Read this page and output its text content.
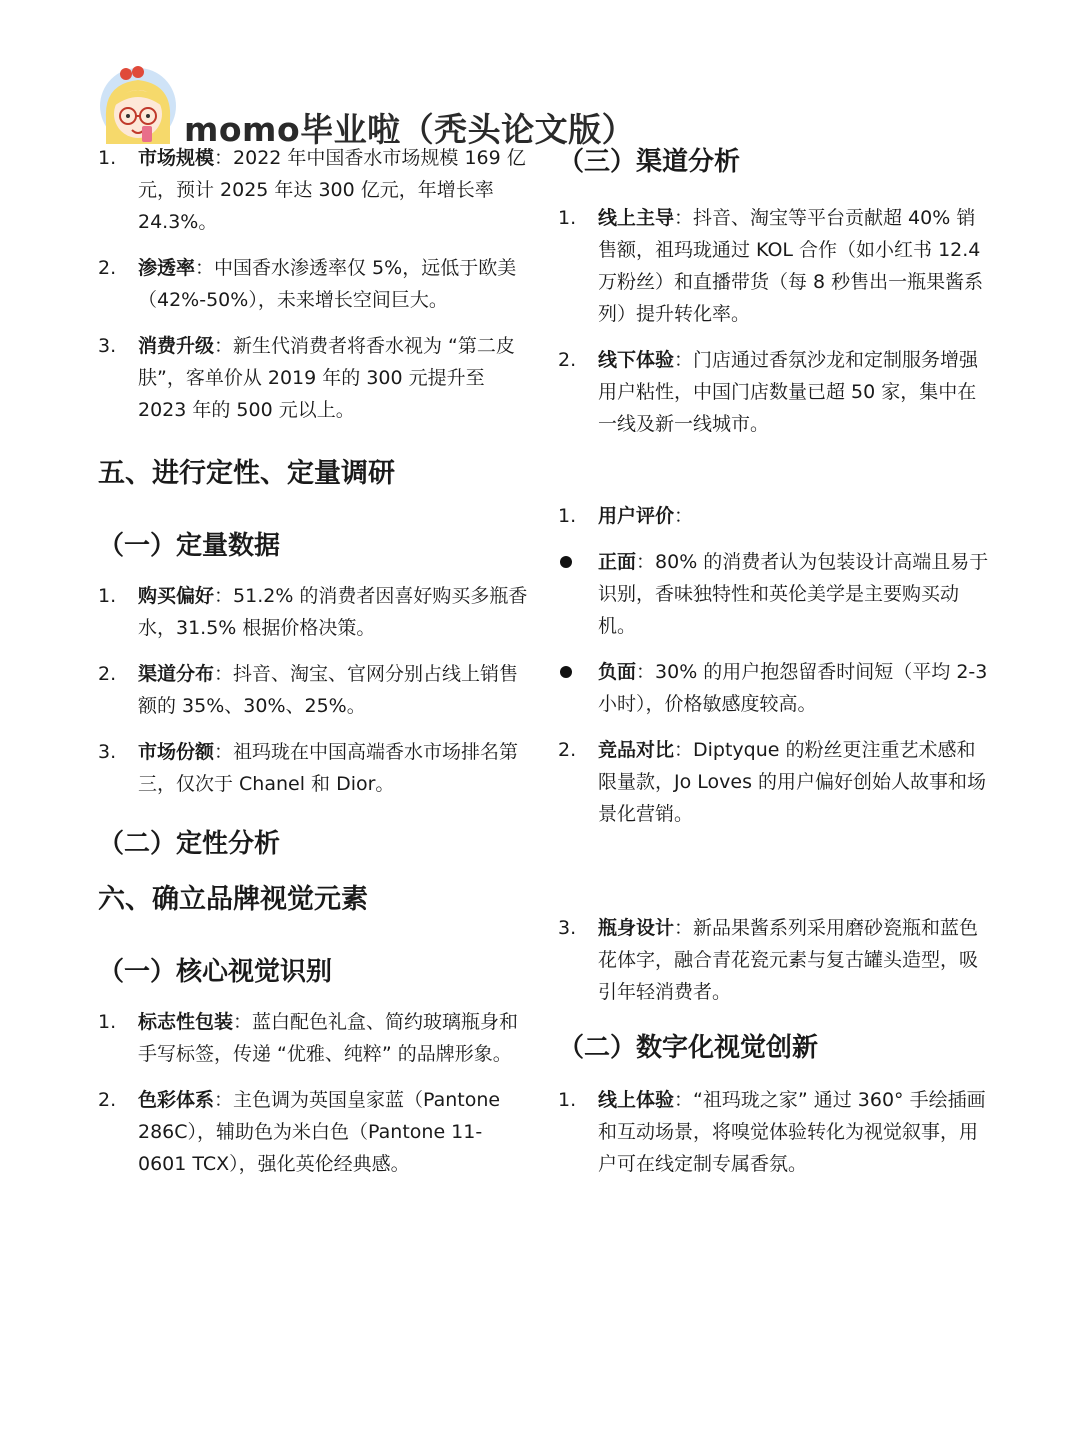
momo毕业啦（秃头论文版）
1. 市场规模：2022 年中国香水市场规模 169 亿元，预计 2025 年达 300 亿元，年增长率 24.3%。
2. 渗透率：中国香水渗透率仅 5%，远低于欧美（42%-50%），未来增长空间巨大。
3. 消费升级：新生代消费者将香水视为 “第二皮肤”，客单价从 2019 年的 300 元提升至 2023 年的 500 元以上。
五、进行定性、定量调研
（一）定量数据
1. 购买偏好：51.2% 的消费者因喜好购买多瓶香水，31.5% 根据价格决策。
2. 渠道分布：抖音、淘宝、官网分别占线上销售额的 35%、30%、25%。
3. 市场份额：祖玛珑在中国高端香水市场排名第三，仅次于 Chanel 和 Dior。
（二）定性分析
六、确立品牌视觉元素
（一）核心视觉识别
1. 标志性包装：蓝白配色礼盒、简约玻璃瓶身和手写标签，传递 “优雅、纯粹” 的品牌形象。
2. 色彩体系：主色调为英国皇家蓝（Pantone 286C），辅助色为米白色（Pantone 11-0601 TCX），强化英伦经典感。
（三）渠道分析
1. 线上主导：抖音、淘宝等平台贡献超 40% 销售额，祖玛珑通过 KOL 合作（如小红书 12.4 万粉丝）和直播带货（每 8 秒售出一瓶果酱系列）提升转化率。
2. 线下体验：门店通过香氛沙龙和定制服务增强用户粘性，中国门店数量已超 50 家，集中在一线及新一线城市。
1. 用户评价：
正面：80% 的消费者认为包装设计高端且易于识别，香味独特性和英伦美学是主要购买动机。
负面：30% 的用户抱怨留香时间短（平均 2-3 小时），价格敏感度较高。
2. 竞品对比：Diptyque 的粉丝更注重艺术感和限量款，Jo Loves 的用户偏好创始人故事和场景化营销。
3. 瓶身设计：新品果酱系列采用磨砂瓷瓶和蓝色花体字，融合青花瓷元素与复古罐头造型，吸引年轻消费者。
（二）数字化视觉创新
1. 线上体验：“祖玛珑之家” 通过 360° 手绘插画和互动场景，将嗅觉体验转化为视觉叙事，用户可在线定制专属香氛。
